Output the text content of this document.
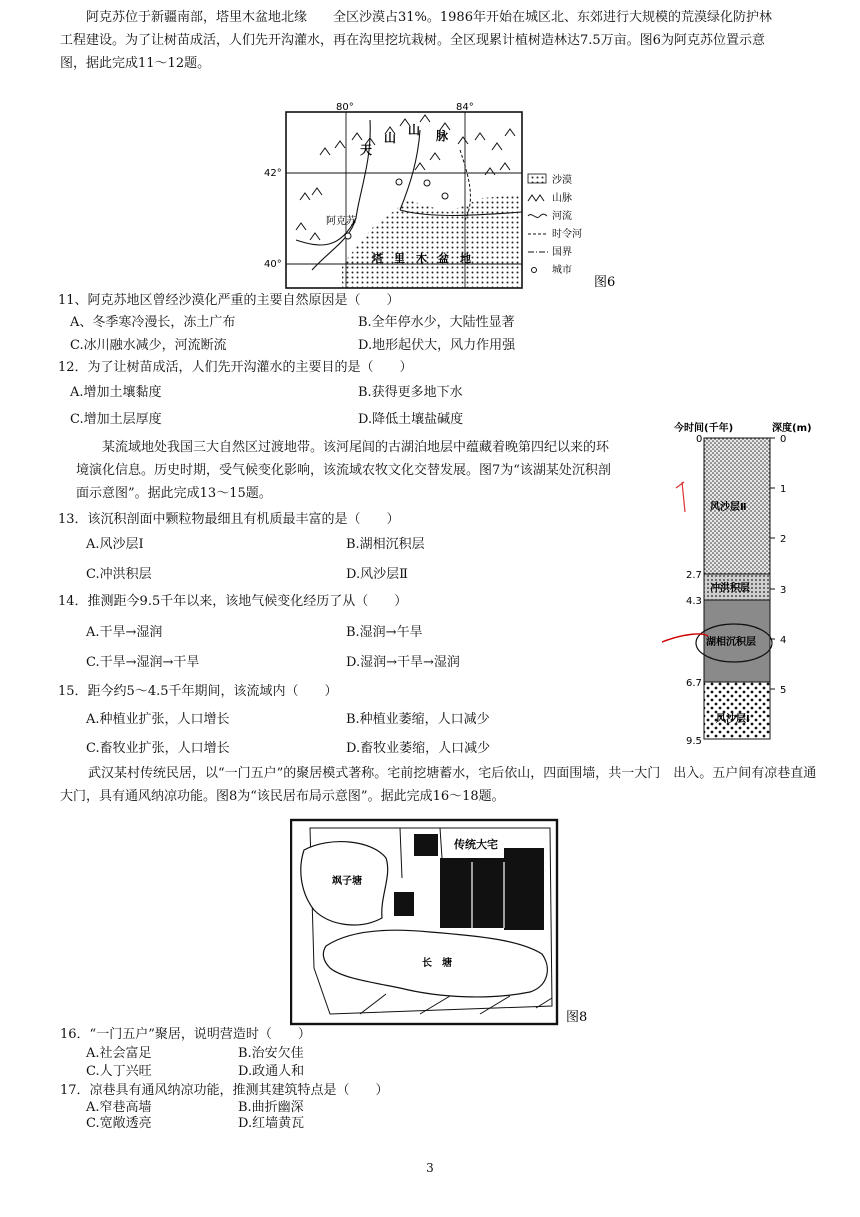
阿克苏位于新疆南部，塔里木盆地北缘　　全区沙漠占31%。1986年开始在城区北、东郊进行大规模的荒漠绿化防护林工程建设。为了让树苗成活，人们先开沟灌水，再在沟里挖坑栽树。全区现累计植树造林达7.5万亩。图6为阿克苏位置示意图，据此完成11～12题。
80°	84°
42°
40°
天
山
山 脉
阿克苏
塔　里　木　盆　地
沙漠
山脉
河流
时令河
国界
城市
图6
11、阿克苏地区曾经沙漠化严重的主要自然原因是（　　）
A、冬季寒冷漫长，冻土广布	B.全年停水少，大陆性显著
C.冰川融水减少，河流断流	D.地形起伏大，风力作用强
12．为了让树苗成活，人们先开沟灌水的主要目的是（　　）
A.增加土壤黏度	B.获得更多地下水
C.增加土层厚度	D.降低土壤盐碱度
某流域地处我国三大自然区过渡地带。该河尾闾的古湖泊地层中蕴藏着晚第四纪以来的环境演化信息。历史时期，受气候变化影响，该流域农牧文化交替发展。图7为“该湖某处沉积剖面示意图”。据此完成13～15题。
13．该沉积剖面中颗粒物最细且有机质最丰富的是（　　）
A.风沙层Ⅰ	B.湖相沉积层
C.冲洪积层	D.风沙层Ⅱ
14．推测距今9.5千年以来，该地气候变化经历了从（　　）
A.干旱→湿润	B.湿润→午旱
C.干旱→湿润→干旱	D.湿润→干旱→湿润
15．距今约5～4.5千年期间，该流域内（　　）
A.种植业扩张，人口增长	B.种植业萎缩，人口减少
C.畜牧业扩张，人口增长	D.畜牧业萎缩，人口减少
今时间(千年)	深度(m)
0
1
2
3
4
5
0
2.7
4.3
6.7
9.5
风沙层Ⅱ
冲洪积层
湖相沉积层
风沙层Ⅰ
武汉某村传统民居，以“一门五户”的聚居模式著称。宅前挖塘蓄水，宅后依山，四面围墙，共一大门　出入。五户间有凉巷直通大门，具有通风纳凉功能。图8为“该民居布局示意图”。据此完成16～18题。
飒子塘
传统大宅
长　塘
图8
16．“一门五户”聚居，说明营造时（　　）
A.社会富足	B.治安欠佳
C.人丁兴旺	D.政通人和
17．凉巷具有通风纳凉功能，推测其建筑特点是（　　）
A.窄巷高墙	B.曲折幽深
C.宽敞透亮	D.红墙黄瓦
3
